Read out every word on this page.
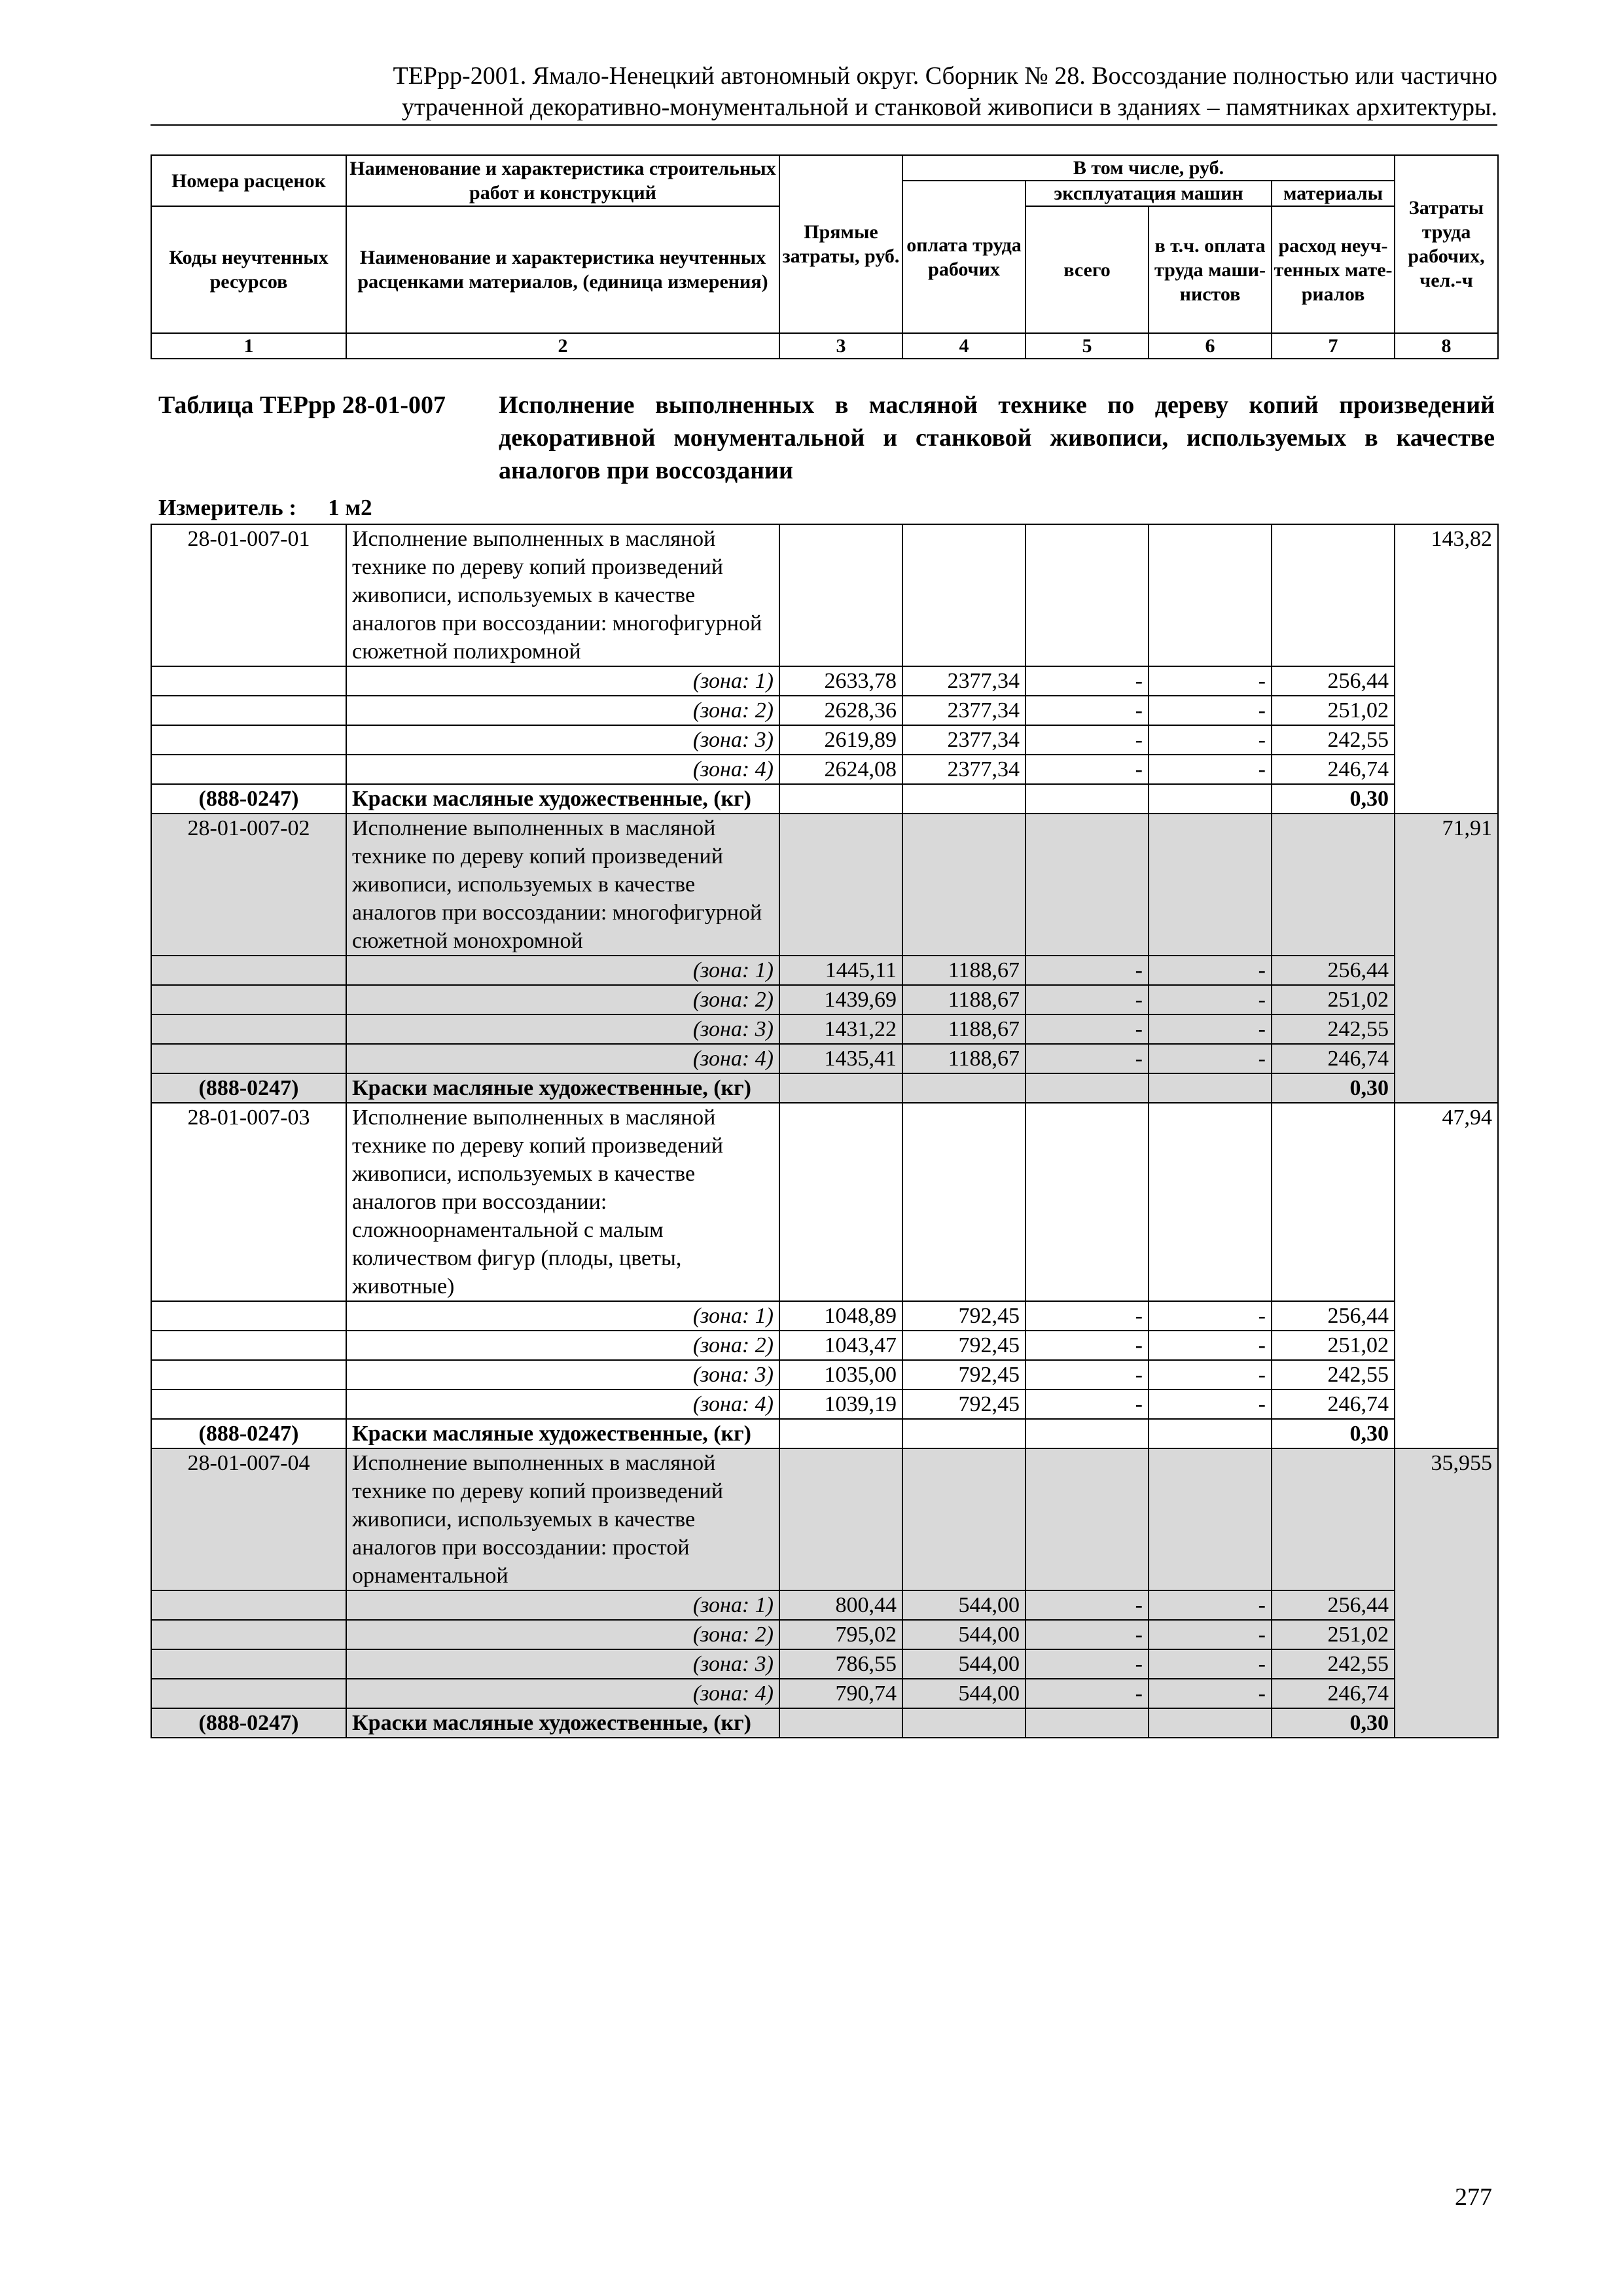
ТЕРрр-2001. Ямало-Ненецкий автономный округ. Сборник № 28. Воссоздание полностью или частично
утраченной декоративно-монументальной и станковой живописи в зданиях – памятниках архитектуры.
Номера расценок	Наименование и характеристика строительных работ и конструкций	Прямые затраты, руб.	В том числе, руб.				Затраты труда рабочих, чел.-ч
			оплата труда рабочих	эксплуатация машин		материалы	
Коды неучтенных ресурсов	Наименование и характеристика неучтенных расценками материалов, (единица измерения)			всего	в т.ч. оплата труда маши-нистов	расход неуч-тенных мате-риалов	
1	2	3	4	5	6	7	8
Таблица ТЕРрр 28-01-007 Исполнение выполненных в масляной технике по дереву копий произведений декоративной монументальной и станковой живописи, используемых в качестве аналогов при воссоздании
Измеритель : 1 м2
28-01-007-01	Исполнение выполненных в масляной технике по дереву копий произведений живописи, используемых в качестве аналогов при воссоздании: многофигурной сюжетной полихромной						143,82	
	(зона: 1)	2633,78	2377,34	-	-	256,44		
	(зона: 2)	2628,36	2377,34	-	-	251,02		
	(зона: 3)	2619,89	2377,34	-	-	242,55		
	(зона: 4)	2624,08	2377,34	-	-	246,74		
(888-0247)	Краски масляные художественные, (кг)					0,30		
28-01-007-02	Исполнение выполненных в масляной технике по дереву копий произведений живописи, используемых в качестве аналогов при воссоздании: многофигурной сюжетной монохромной						71,91	
	(зона: 1)	1445,11	1188,67	-	-	256,44		
	(зона: 2)	1439,69	1188,67	-	-	251,02		
	(зона: 3)	1431,22	1188,67	-	-	242,55		
	(зона: 4)	1435,41	1188,67	-	-	246,74		
(888-0247)	Краски масляные художественные, (кг)					0,30		
28-01-007-03	Исполнение выполненных в масляной технике по дереву копий произведений живописи, используемых в качестве аналогов при воссоздании: сложноорнаментальной с малым количеством фигур (плоды, цветы, животные)						47,94	
	(зона: 1)	1048,89	792,45	-	-	256,44		
	(зона: 2)	1043,47	792,45	-	-	251,02		
	(зона: 3)	1035,00	792,45	-	-	242,55		
	(зона: 4)	1039,19	792,45	-	-	246,74		
(888-0247)	Краски масляные художественные, (кг)					0,30		
28-01-007-04	Исполнение выполненных в масляной технике по дереву копий произведений живописи, используемых в качестве аналогов при воссоздании: простой орнаментальной						35,955	
	(зона: 1)	800,44	544,00	-	-	256,44		
	(зона: 2)	795,02	544,00	-	-	251,02		
	(зона: 3)	786,55	544,00	-	-	242,55		
	(зона: 4)	790,74	544,00	-	-	246,74		
(888-0247)	Краски масляные художественные, (кг)					0,30		
277
